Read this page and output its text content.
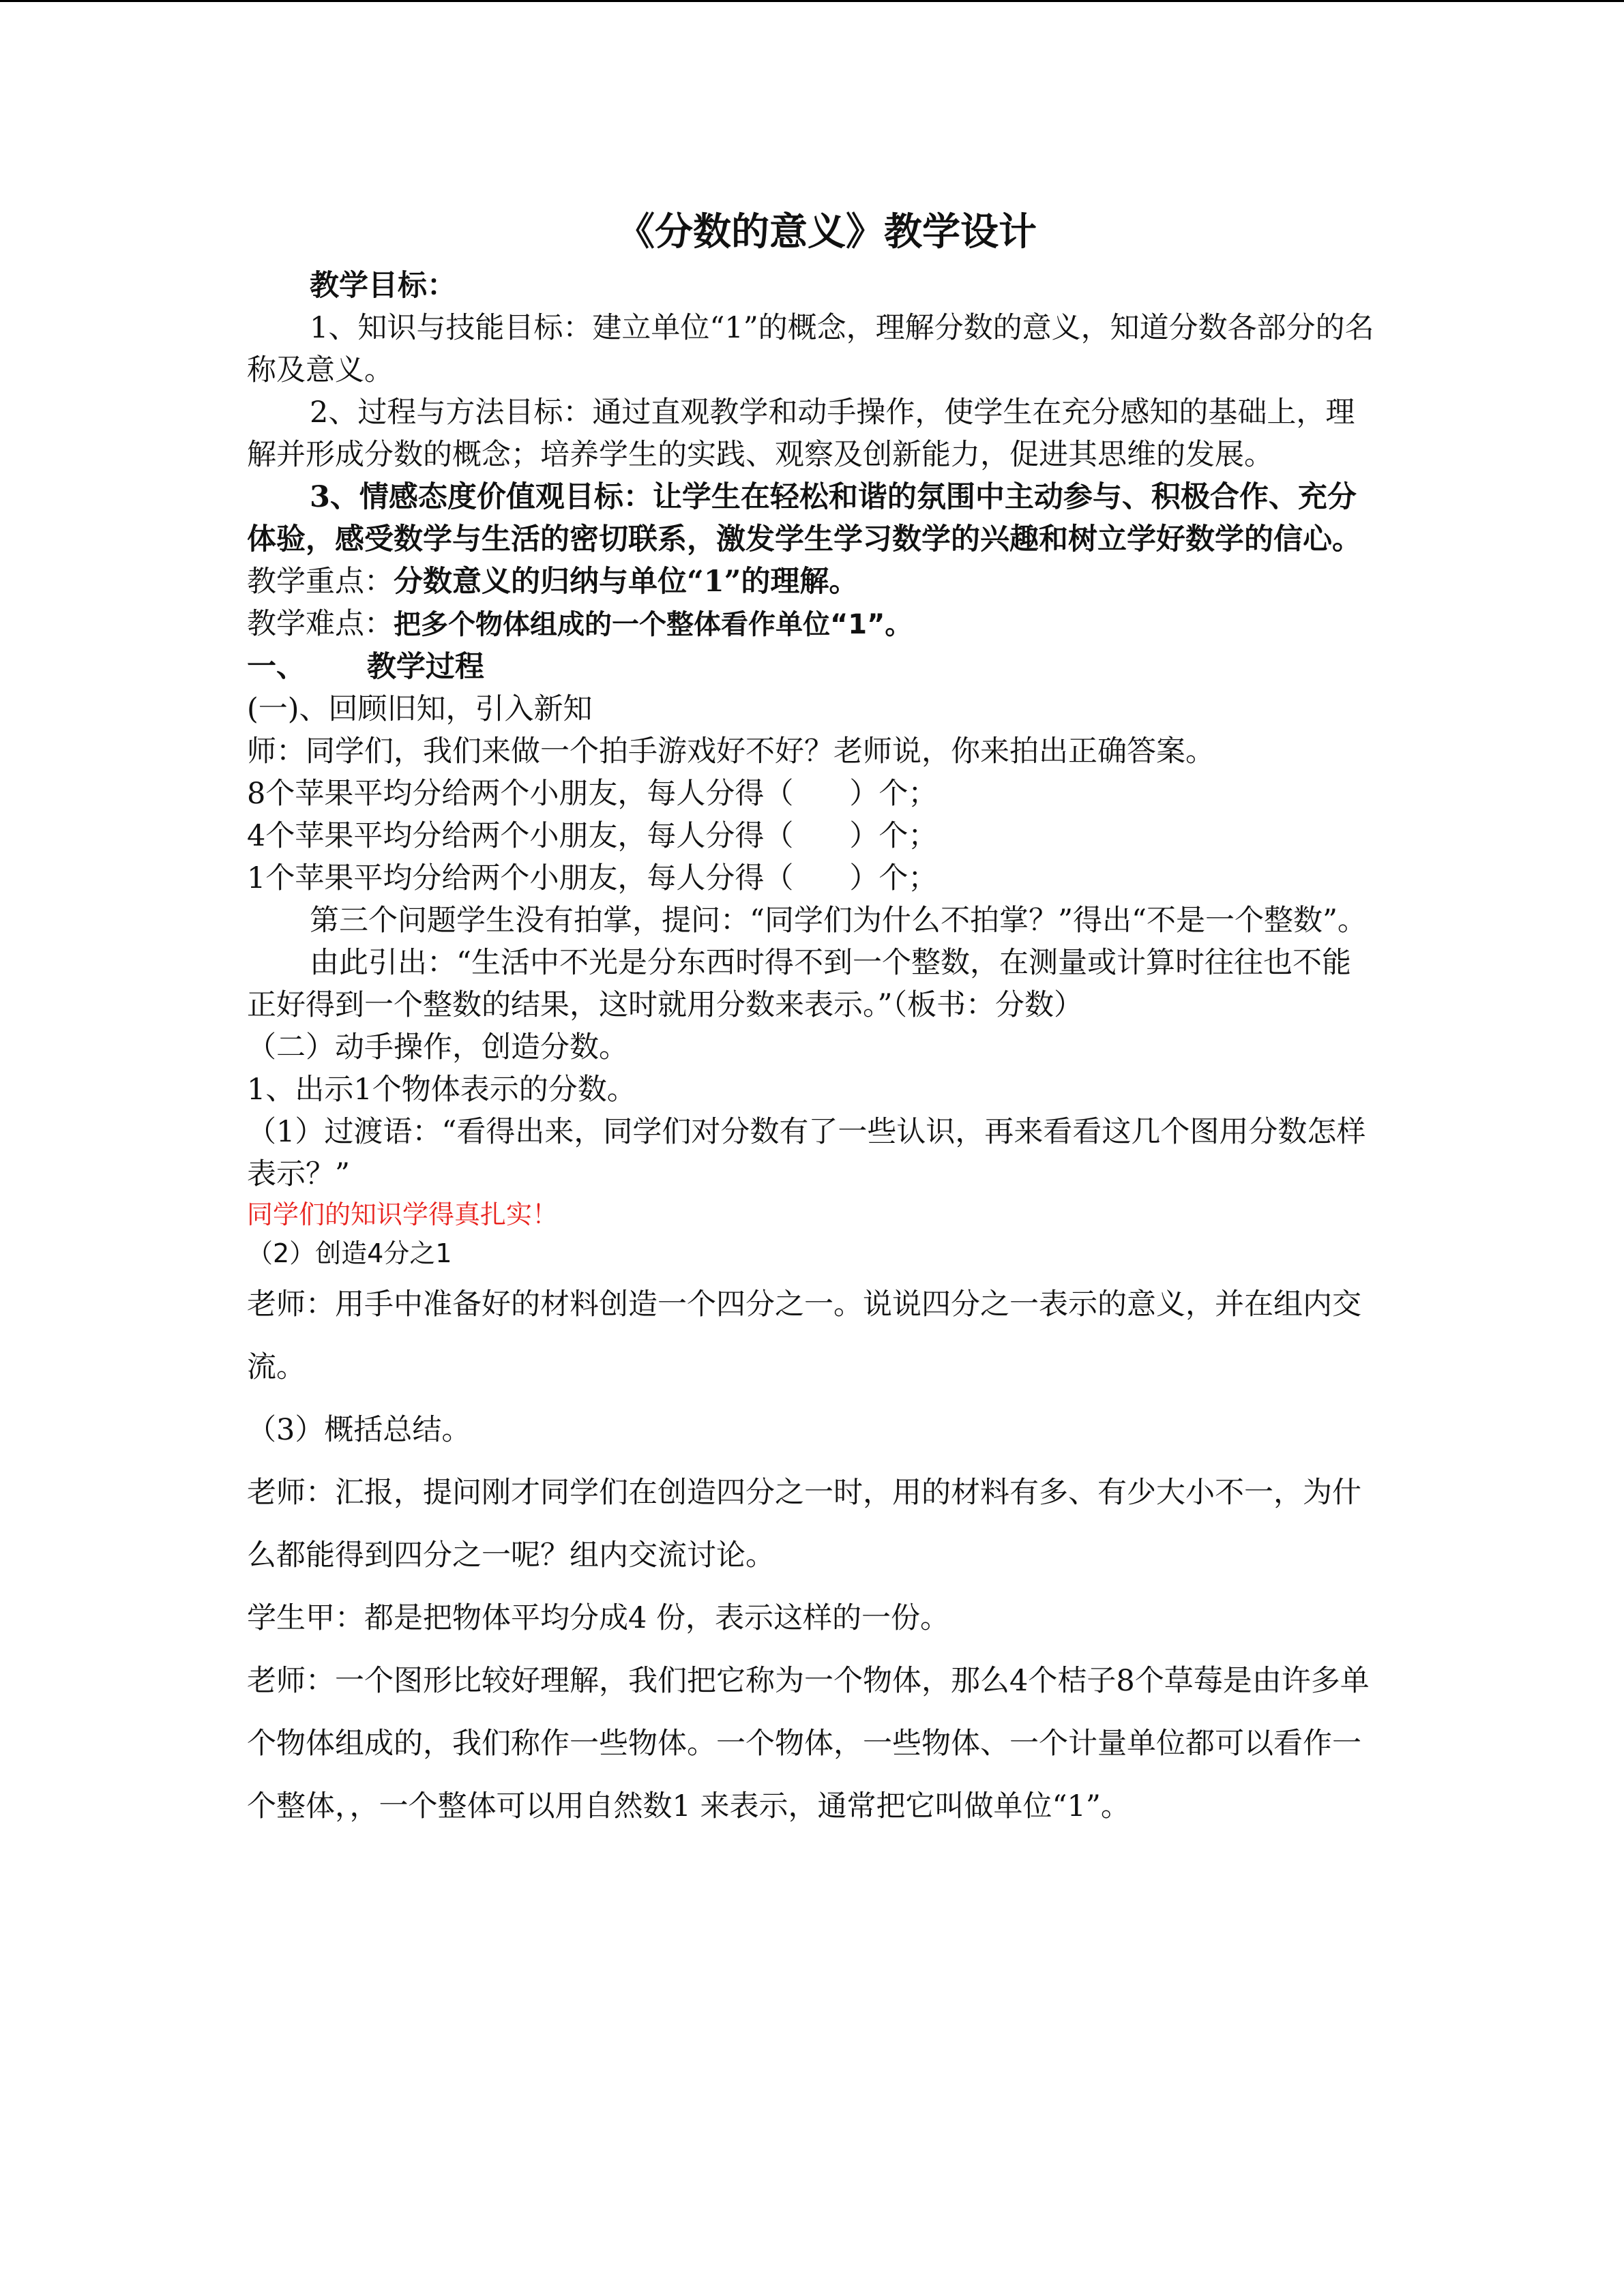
《分数的意义》教学设计

教学目标：

1、知识与技能目标：建立单位“1”的概念，理解分数的意义，知道分数各部分的名称及意义。

2、过程与方法目标：通过直观教学和动手操作，使学生在充分感知的基础上，理解并形成分数的概念；培养学生的实践、观察及创新能力，促进其思维的发展。

3、情感态度价值观目标：让学生在轻松和谐的氛围中主动参与、积极合作、充分体验，感受数学与生活的密切联系，激发学生学习数学的兴趣和树立学好数学的信心。

教学重点：分数意义的归纳与单位“1”的理解。

教学难点：把多个物体组成的一个整体看作单位“1”。

一、      教学过程

(一)、回顾旧知，引入新知

师：同学们，我们来做一个拍手游戏好不好？老师说，你来拍出正确答案。

8个苹果平均分给两个小朋友，每人分得（      ）个；

4个苹果平均分给两个小朋友，每人分得（      ）个；

1个苹果平均分给两个小朋友，每人分得（      ）个；

第三个问题学生没有拍掌，提问：“同学们为什么不拍掌？”得出“不是一个整数”。

由此引出：“生活中不光是分东西时得不到一个整数，在测量或计算时往往也不能正好得到一个整数的结果，这时就用分数来表示。”（板书：分数）

（二）动手操作，创造分数。

1、出示1个物体表示的分数。

（1）过渡语：“看得出来，同学们对分数有了一些认识，再来看看这几个图用分数怎样表示？”

同学们的知识学得真扎实！

（2）创造4分之1

老师：用手中准备好的材料创造一个四分之一。说说四分之一表示的意义，并在组内交流。

（3）概括总结。

老师：汇报，提问刚才同学们在创造四分之一时，用的材料有多、有少大小不一，为什么都能得到四分之一呢？组内交流讨论。

学生甲：都是把物体平均分成4 份，表示这样的一份。

老师：一个图形比较好理解，我们把它称为一个物体，那么4个桔子8个草莓是由许多单个物体组成的，我们称作一些物体。一个物体，一些物体、一个计量单位都可以看作一个整体，，一个整体可以用自然数1 来表示，通常把它叫做单位“1”。
